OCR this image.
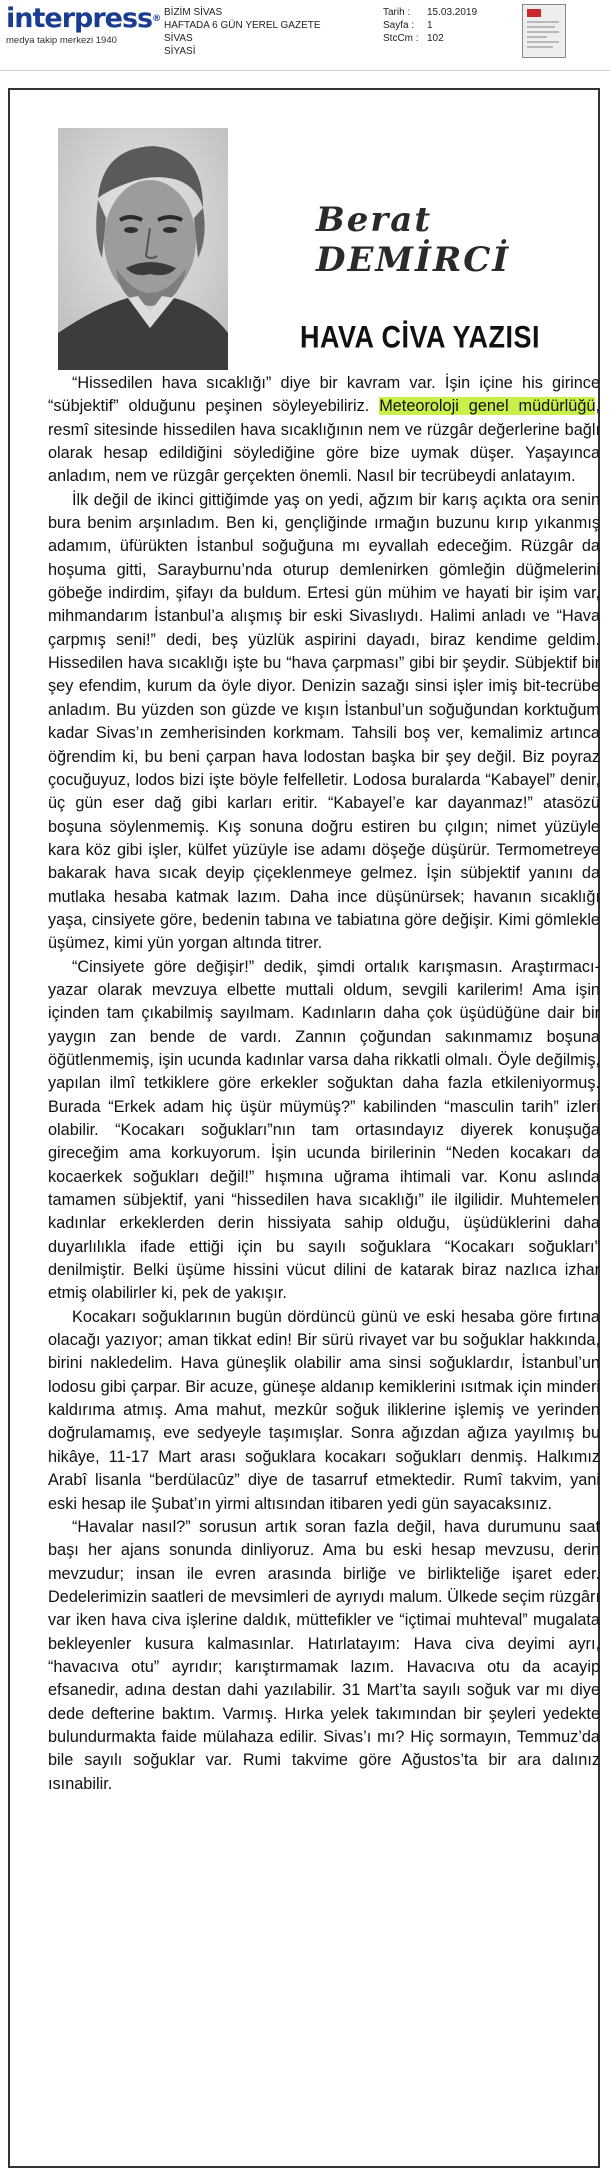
interpress®
medya takip merkezi 1940
BİZİM SİVAS
HAFTADA 6 GÜN YEREL GAZETE
SİVAS
SİYASİ
Tarih :	15.03.2019
Sayfa :	1
StcCm : 102
Berat DEMİRCİ
HAVA CİVA YAZISI

“Hissedilen hava sıcaklığı” diye bir kavram var. İşin içine his girince “sübjektif” olduğunu peşinen söyleyebiliriz. Meteoroloji genel müdürlüğü, resmî sitesinde hissedilen hava sıcaklığının nem ve rüzgâr değerlerine bağlı olarak hesap edildiğini söylediğine göre bize uymak düşer. Yaşayınca anladım, nem ve rüzgâr gerçekten önemli. Nasıl bir tecrübeydi anlatayım.

İlk değil de ikinci gittiğimde yaş on yedi, ağzım bir karış açıkta ora senin bura benim arşınladım. Ben ki, gençliğinde ırmağın buzunu kırıp yıkanmış adamım, üfürükten İstanbul soğuğuna mı eyvallah edeceğim. Rüzgâr da hoşuma gitti, Sarayburnu’nda oturup demlenirken gömleğin düğmelerini göbeğe indirdim, şifayı da buldum. Ertesi gün mühim ve hayati bir işim var, mihmandarım İstanbul’a alışmış bir eski Sivaslıydı. Halimi anladı ve “Hava çarpmış seni!” dedi, beş yüzlük aspirini dayadı, biraz kendime geldim. Hissedilen hava sıcaklığı işte bu “hava çarpması” gibi bir şeydir. Sübjektif bir şey efendim, kurum da öyle diyor. Denizin sazağı sinsi işler imiş bit-tecrübe anladım. Bu yüzden son güzde ve kışın İstanbul’un soğuğundan korktuğum kadar Sivas’ın zemherisinden korkmam. Tahsili boş ver, kemalimiz artınca öğrendim ki, bu beni çarpan hava lodostan başka bir şey değil. Biz poyraz çocuğuyuz, lodos bizi işte böyle felfelletir. Lodosa buralarda “Kabayel” denir, üç gün eser dağ gibi karları eritir. “Kabayel’e kar dayanmaz!” atasözü boşuna söylenmemiş. Kış sonuna doğru estiren bu çılgın; nimet yüzüyle kara köz gibi işler, külfet yüzüyle ise adamı döşeğe düşürür. Termometreye bakarak hava sıcak deyip çiçeklenmeye gelmez. İşin sübjektif yanını da mutlaka hesaba katmak lazım. Daha ince düşünürsek; havanın sıcaklığı yaşa, cinsiyete göre, bedenin tabına ve tabiatına göre değişir. Kimi gömlekle üşümez, kimi yün yorgan altında titrer.

“Cinsiyete göre değişir!” dedik, şimdi ortalık karışmasın. Araştırmacı-yazar olarak mevzuya elbette muttali oldum, sevgili karilerim! Ama işin içinden tam çıkabilmiş sayılmam. Kadınların daha çok üşüdüğüne dair bir yaygın zan bende de vardı. Zannın çoğundan sakınmamız boşuna öğütlenmemiş, işin ucunda kadınlar varsa daha rikkatli olmalı. Öyle değilmiş, yapılan ilmî tetkiklere göre erkekler soğuktan daha fazla etkileniyormuş. Burada “Erkek adam hiç üşür müymüş?” kabilinden “masculin tarih” izleri olabilir. “Kocakarı soğukları”nın tam ortasındayız diyerek konuşuğa gireceğim ama korkuyorum. İşin ucunda birilerinin “Neden kocakarı da kocaerkek soğukları değil!” hışmına uğrama ihtimali var. Konu aslında tamamen sübjektif, yani “hissedilen hava sıcaklığı” ile ilgilidir. Muhtemelen kadınlar erkeklerden derin hissiyata sahip olduğu, üşüdüklerini daha duyarlılıkla ifade ettiği için bu sayılı soğuklara “Kocakarı soğukları” denilmiştir. Belki üşüme hissini vücut dilini de katarak biraz nazlıca izhar etmiş olabilirler ki, pek de yakışır.

Kocakarı soğuklarının bugün dördüncü günü ve eski hesaba göre fırtına olacağı yazıyor; aman tikkat edin! Bir sürü rivayet var bu soğuklar hakkında, birini nakledelim. Hava güneşlik olabilir ama sinsi soğuklardır, İstanbul’un lodosu gibi çarpar. Bir acuze, güneşe aldanıp kemiklerini ısıtmak için minderi kaldırıma atmış. Ama mahut, mezkûr soğuk iliklerine işlemiş ve yerinden doğrulamamış, eve sedyeyle taşımışlar. Sonra ağızdan ağıza yayılmış bu hikâye, 11-17 Mart arası soğuklara kocakarı soğukları denmiş. Halkımız Arabî lisanla “berdülacûz” diye de tasarruf etmektedir. Rumî takvim, yani eski hesap ile Şubat’ın yirmi altısından itibaren yedi gün sayacaksınız.

“Havalar nasıl?” sorusun artık soran fazla değil, hava durumunu saat başı her ajans sonunda dinliyoruz. Ama bu eski hesap mevzusu, derin mevzudur; insan ile evren arasında birliğe ve birlikteliğe işaret eder. Dedelerimizin saatleri de mevsimleri de ayrıydı malum. Ülkede seçim rüzgârı var iken hava civa işlerine daldık, müttefikler ve “içtimai muhteval” mugalata bekleyenler kusura kalmasınlar. Hatırlatayım: Hava civa deyimi ayrı, “havacıva otu” ayrıdır; karıştırmamak lazım. Havacıva otu da acayip efsanedir, adına destan dahi yazılabilir. 31 Mart’ta sayılı soğuk var mı diye dede defterine baktım. Varmış. Hırka yelek takımından bir şeyleri yedekte bulundurmakta faide mülahaza edilir. Sivas’ı mı? Hiç sormayın, Temmuz’da bile sayılı soğuklar var. Rumi takvime göre Ağustos’ta bir ara dalınız ısınabilir.
